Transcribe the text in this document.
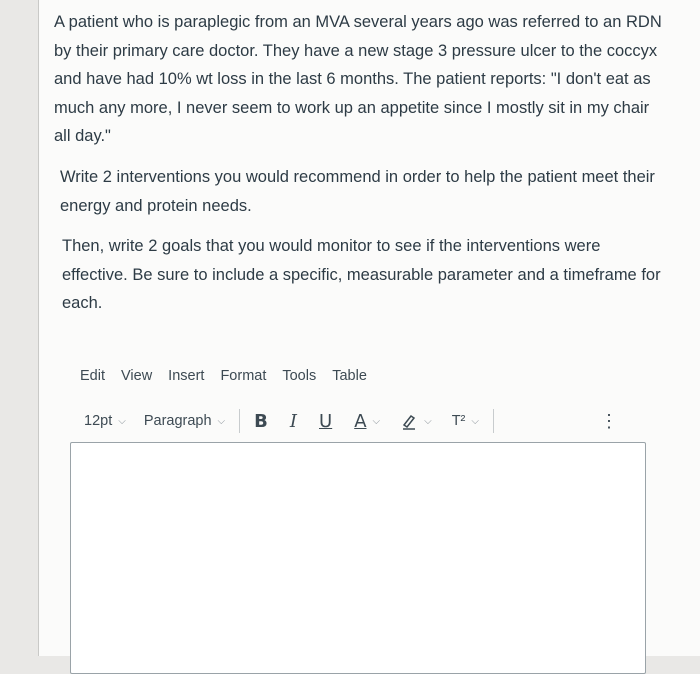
A patient who is paraplegic from an MVA several years ago was referred to an RDN by their primary care doctor. They have a new stage 3 pressure ulcer to the coccyx and have had 10% wt loss in the last 6 months. The patient reports: "I don't eat as much any more, I never seem to work up an appetite since I mostly sit in my chair all day."

Write 2 interventions you would recommend in order to help the patient meet their energy and protein needs.

Then, write 2 goals that you would monitor to see if the interventions were effective. Be sure to include a specific, measurable parameter and a timeframe for each.

Edit View Insert Format Tools Table
12pt ⌵ Paragraph ⌵ B I U A ⌵	⌵ T² ⌵	⋮
